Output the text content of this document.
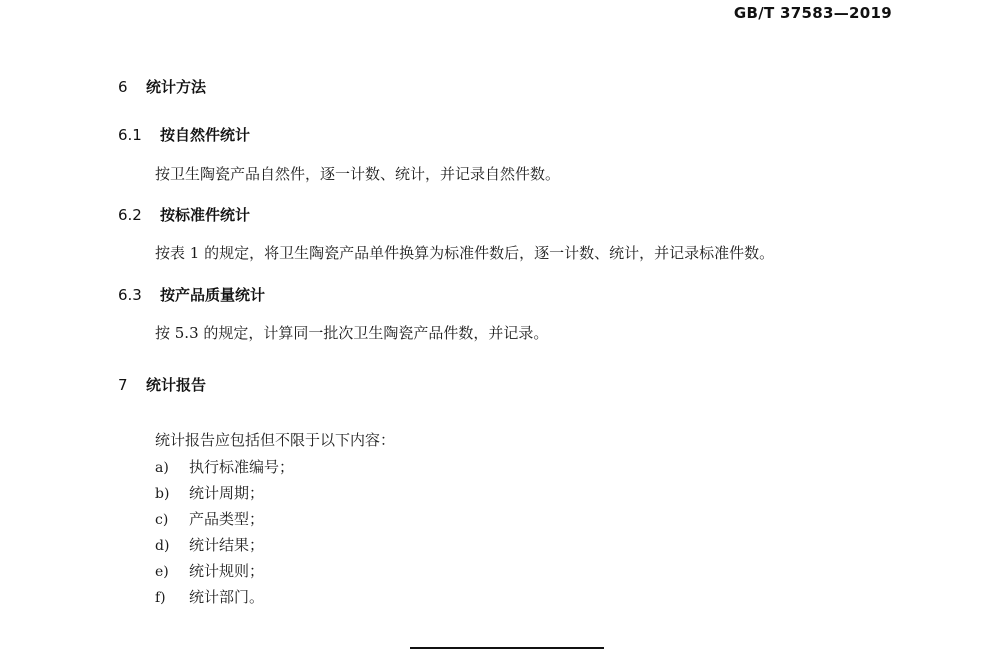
GB/T 37583—2019
6 统计方法
6.1 按自然件统计
按卫生陶瓷产品自然件，逐一计数、统计，并记录自然件数。
6.2 按标准件统计
按表 1 的规定，将卫生陶瓷产品单件换算为标准件数后，逐一计数、统计，并记录标准件数。
6.3 按产品质量统计
按 5.3 的规定，计算同一批次卫生陶瓷产品件数，并记录。
7 统计报告
统计报告应包括但不限于以下内容：
a) 执行标准编号；
b) 统计周期；
c) 产品类型；
d) 统计结果；
e) 统计规则；
f) 统计部门。
